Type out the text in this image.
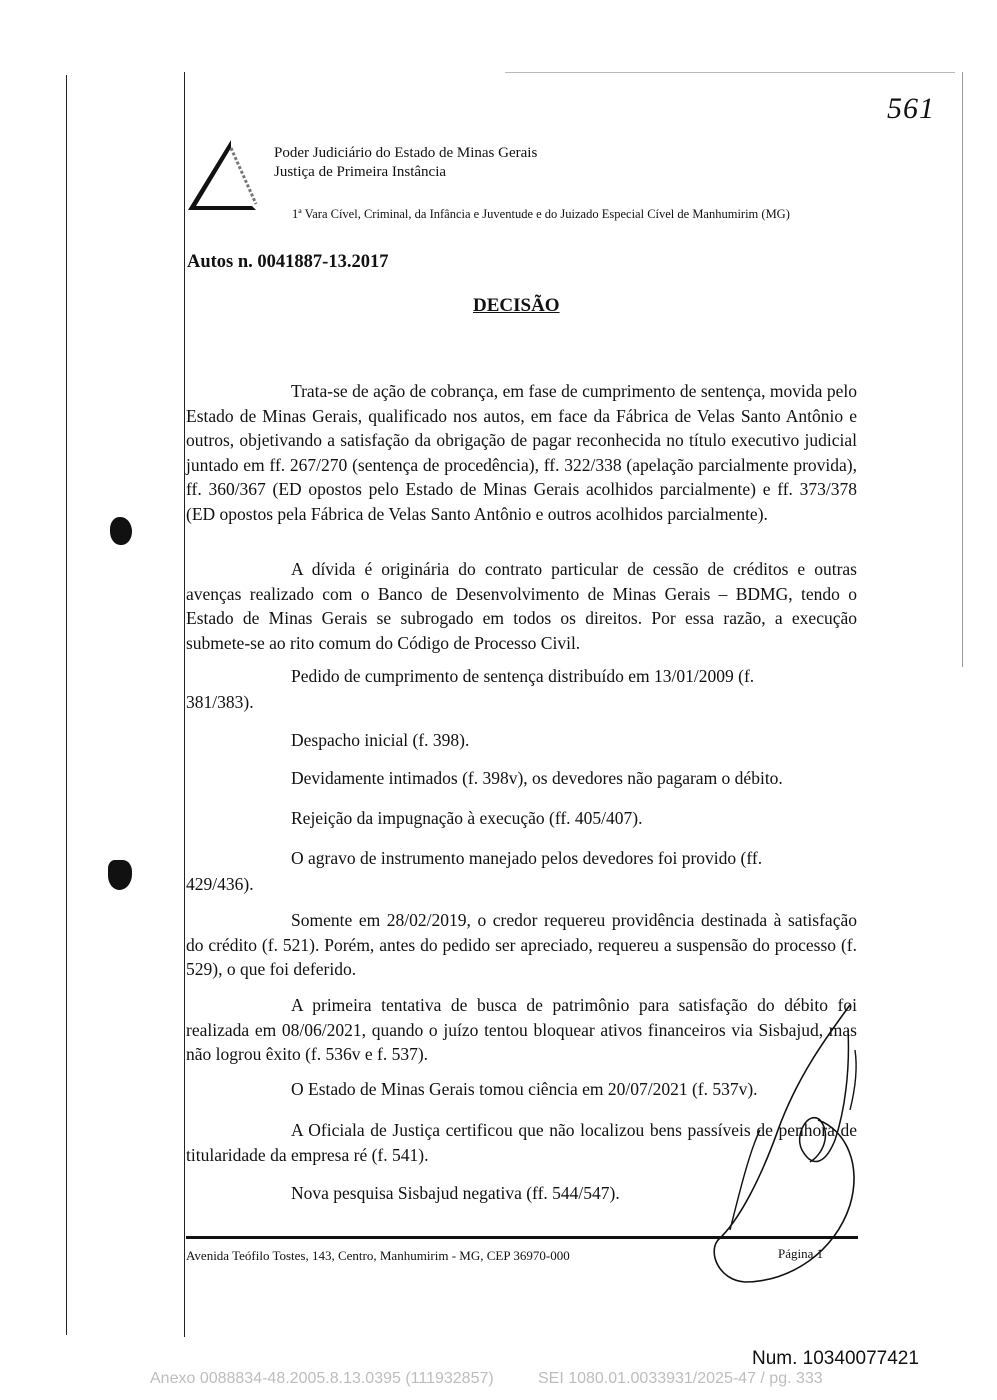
561
Poder Judiciário do Estado de Minas Gerais
Justiça de Primeira Instância
1ª Vara Cível, Criminal, da Infância e Juventude e do Juizado Especial Cível de Manhumirim (MG)
Autos n. 0041887-13.2017
DECISÃO
Trata-se de ação de cobrança, em fase de cumprimento de sentença, movida pelo Estado de Minas Gerais, qualificado nos autos, em face da Fábrica de Velas Santo Antônio e outros, objetivando a satisfação da obrigação de pagar reconhecida no título executivo judicial juntado em ff. 267/270 (sentença de procedência), ff. 322/338 (apelação parcialmente provida), ff. 360/367 (ED opostos pelo Estado de Minas Gerais acolhidos parcialmente) e ff. 373/378 (ED opostos pela Fábrica de Velas Santo Antônio e outros acolhidos parcialmente).
A dívida é originária do contrato particular de cessão de créditos e outras avenças realizado com o Banco de Desenvolvimento de Minas Gerais – BDMG, tendo o Estado de Minas Gerais se subrogado em todos os direitos. Por essa razão, a execução submete-se ao rito comum do Código de Processo Civil.
Pedido de cumprimento de sentença distribuído em 13/01/2009 (f.
381/383).
Despacho inicial (f. 398).
Devidamente intimados (f. 398v), os devedores não pagaram o débito.
Rejeição da impugnação à execução (ff. 405/407).
O agravo de instrumento manejado pelos devedores foi provido (ff.
429/436).
Somente em 28/02/2019, o credor requereu providência destinada à satisfação do crédito (f. 521). Porém, antes do pedido ser apreciado, requereu a suspensão do processo (f. 529), o que foi deferido.
A primeira tentativa de busca de patrimônio para satisfação do débito foi realizada em 08/06/2021, quando o juízo tentou bloquear ativos financeiros via Sisbajud, mas não logrou êxito (f. 536v e f. 537).
O Estado de Minas Gerais tomou ciência em 20/07/2021 (f. 537v).
A Oficiala de Justiça certificou que não localizou bens passíveis de penhora de titularidade da empresa ré (f. 541).
Nova pesquisa Sisbajud negativa (ff. 544/547).
Avenida Teófilo Tostes, 143, Centro, Manhumirim - MG, CEP 36970-000	Página 1
Num. 10340077421
Anexo 0088834-48.2005.8.13.0395 (111932857)	SEI 1080.01.0033931/2025-47 / pg. 333
